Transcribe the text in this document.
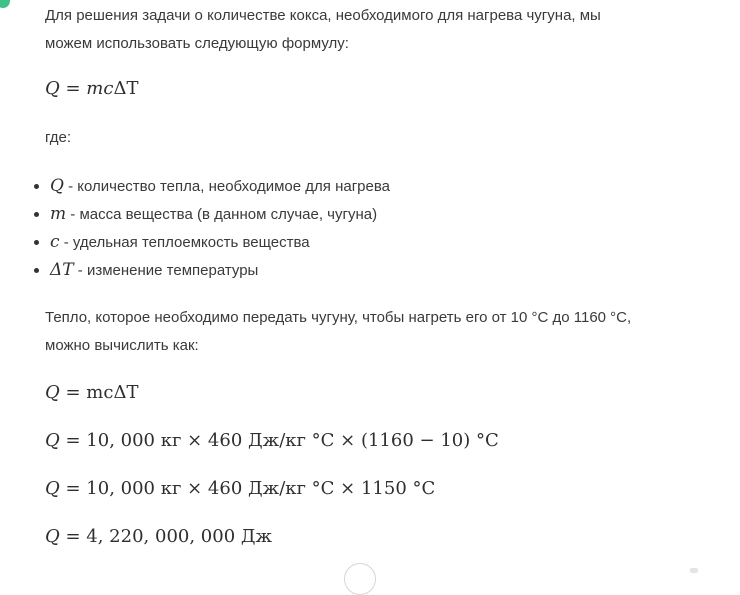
Для решения задачи о количестве кокса, необходимого для нагрева чугуна, мы
можем использовать следующую формулу:
Q = mcΔT
где:
Q - количество тепла, необходимое для нагрева
m - масса вещества (в данном случае, чугуна)
c - удельная теплоемкость вещества
ΔT - изменение температуры
Тепло, которое необходимо передать чугуну, чтобы нагреть его от 10 °C до 1160 °C,
можно вычислить как:
Q = mcΔT
Q = 10, 000 кг × 460 Дж/кг °C × (1160 − 10) °C
Q = 10, 000 кг × 460 Дж/кг °C × 1150 °C
Q = 4, 220, 000, 000 Дж
